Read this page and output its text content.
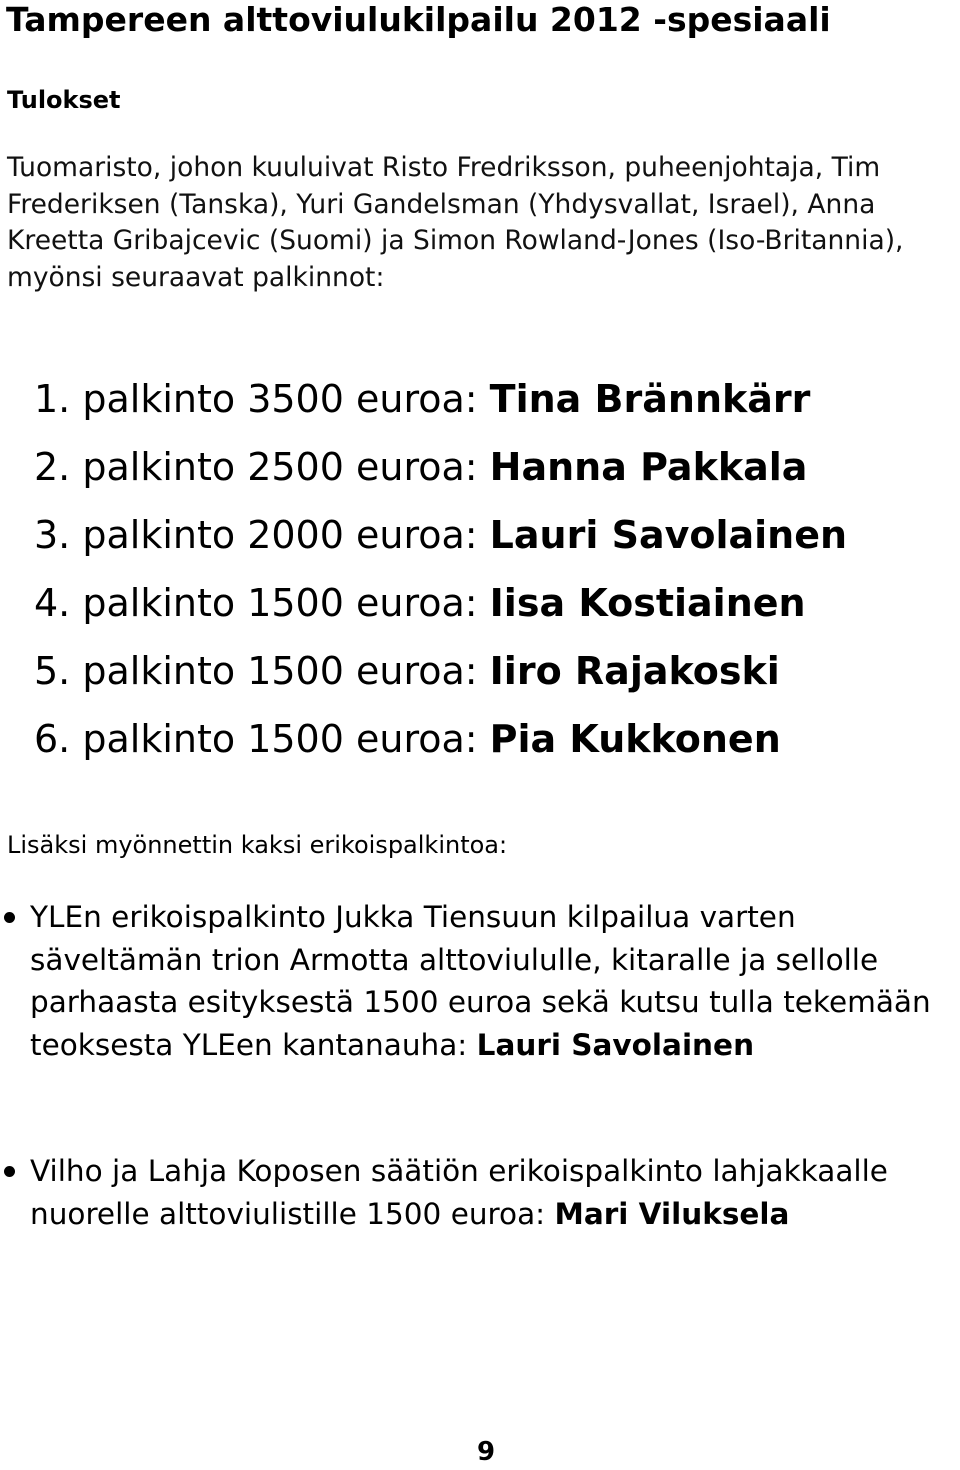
Tampereen alttoviulukilpailu 2012 -spesiaali
Tulokset

Tuomaristo, johon kuuluivat Risto Fredriksson, puheenjohtaja, Tim Frederiksen (Tanska), Yuri Gandelsman (Yhdysvallat, Israel), Anna Kreetta Gribajcevic (Suomi) ja Simon Rowland-Jones (Iso-Britannia), myönsi seuraavat palkinnot:

1. palkinto 3500 euroa: Tina Brännkärr
2. palkinto 2500 euroa: Hanna Pakkala
3. palkinto 2000 euroa: Lauri Savolainen
4. palkinto 1500 euroa: Iisa Kostiainen
5. palkinto 1500 euroa: Iiro Rajakoski
6. palkinto 1500 euroa: Pia Kukkonen

Lisäksi myönnettin kaksi erikoispalkintoa:

YLEn erikoispalkinto Jukka Tiensuun kilpailua varten säveltämän trion Armotta alttoviululle, kitaralle ja sellolle parhaasta esityksestä 1500 euroa sekä kutsu tulla tekemään teoksesta YLEen kantanauha: Lauri Savolainen

Vilho ja Lahja Koposen säätiön erikoispalkinto lahjakkaalle nuorelle alttoviulistille 1500 euroa: Mari Viluksela

9
